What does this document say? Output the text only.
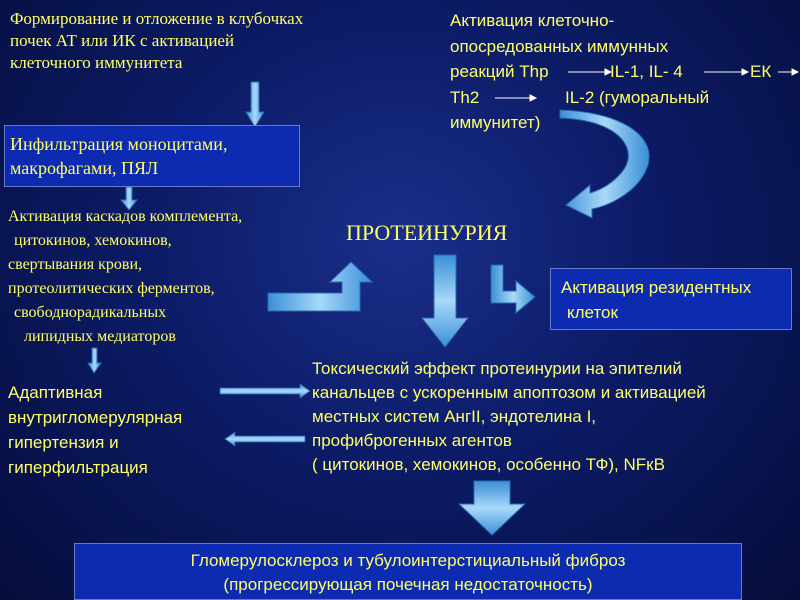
Формирование и отложение в клубочках почек АТ или ИК с активацией клеточного иммунитета

Активация клеточно-

опосредованных иммунных

реакций Thp	IL-1, IL- 4	ЕК

Th2	IL-2 (гуморальный

иммунитет)

Инфильтрация моноцитами, макрофагами, ПЯЛ

Активация каскадов комплемента,

цитокинов, хемокинов,

свертывания крови,

протеолитических ферментов,

свободнорадикальных

липидных медиаторов

ПРОТЕИНУРИЯ

Активация резидентных

клеток

Адаптивная

внутригломерулярная

гипертензия и

гиперфильтрация

Токсический эффект протеинурии на эпителий

канальцев с ускоренным апоптозом и активацией

местных систем АнгII, эндотелина I,

профиброгенных агентов

( цитокинов, хемокинов, особенно ТФ), NFкB

Гломерулосклероз и тубулоинтерстициальный фиброз

(прогрессирующая почечная недостаточность)
